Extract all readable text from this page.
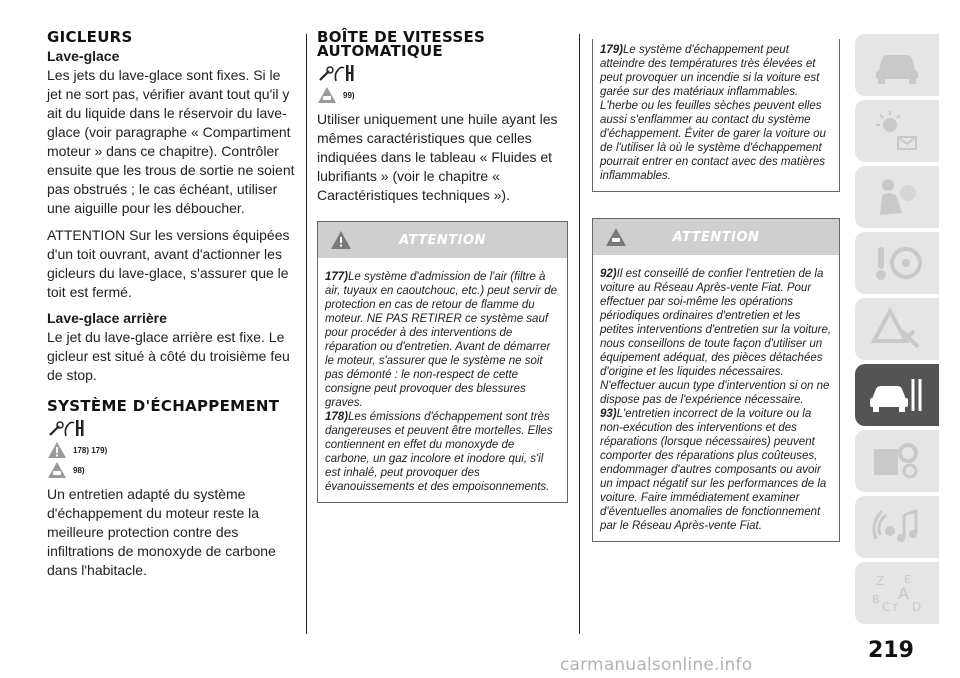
GICLEURS
Lave-glace

Les jets du lave-glace sont fixes. Si le jet ne sort pas, vérifier avant tout qu'il y ait du liquide dans le réservoir du lave-glace (voir paragraphe « Compartiment moteur » dans ce chapitre). Contrôler ensuite que les trous de sortie ne soient pas obstrués ; le cas échéant, utiliser une aiguille pour les déboucher.

ATTENTION Sur les versions équipées d'un toit ouvrant, avant d'actionner les gicleurs du lave-glace, s'assurer que le toit est fermé.

Lave-glace arrière

Le jet du lave-glace arrière est fixe. Le gicleur est situé à côté du troisième feu de stop.

SYSTÈME D'ÉCHAPPEMENT
178) 179)
98)

Un entretien adapté du système d'échappement du moteur reste la meilleure protection contre des infiltrations de monoxyde de carbone dans l'habitacle.

BOÎTE DE VITESSES AUTOMATIQUE
99)

Utiliser uniquement une huile ayant les mêmes caractéristiques que celles indiquées dans le tableau « Fluides et lubrifiants » (voir le chapitre « Caractéristiques techniques »).

ATTENTION

177)Le système d'admission de l'air (filtre à air, tuyaux en caoutchouc, etc.) peut servir de protection en cas de retour de flamme du moteur. NE PAS RETIRER ce système sauf pour procéder à des interventions de réparation ou d'entretien. Avant de démarrer le moteur, s'assurer que le système ne soit pas démonté : le non-respect de cette consigne peut provoquer des blessures graves.

178)Les émissions d'échappement sont très dangereuses et peuvent être mortelles. Elles contiennent en effet du monoxyde de carbone, un gaz incolore et inodore qui, s'il est inhalé, peut provoquer des évanouissements et des empoisonnements.

179)Le système d'échappement peut atteindre des températures très élevées et peut provoquer un incendie si la voiture est garée sur des matériaux inflammables. L'herbe ou les feuilles sèches peuvent elles aussi s'enflammer au contact du système d'échappement. Éviter de garer la voiture ou de l'utiliser là où le système d'échappement pourrait entrer en contact avec des matières inflammables.

ATTENTION

92)Il est conseillé de confier l'entretien de la voiture au Réseau Après-vente Fiat. Pour effectuer par soi-même les opérations périodiques ordinaires d'entretien et les petites interventions d'entretien sur la voiture, nous conseillons de toute façon d'utiliser un équipement adéquat, des pièces détachées d'origine et les liquides nécessaires. N'effectuer aucun type d'intervention si on ne dispose pas de l'expérience nécessaire.

93)L'entretien incorrect de la voiture ou la non-exécution des interventions et des réparations (lorsque nécessaires) peuvent comporter des réparations plus coûteuses, endommager d'autres composants ou avoir un impact négatif sur les performances de la voiture. Faire immédiatement examiner d'éventuelles anomalies de fonctionnement par le Réseau Après-vente Fiat.

Z E
A
B
C T D
219
carmanualsonline.info
